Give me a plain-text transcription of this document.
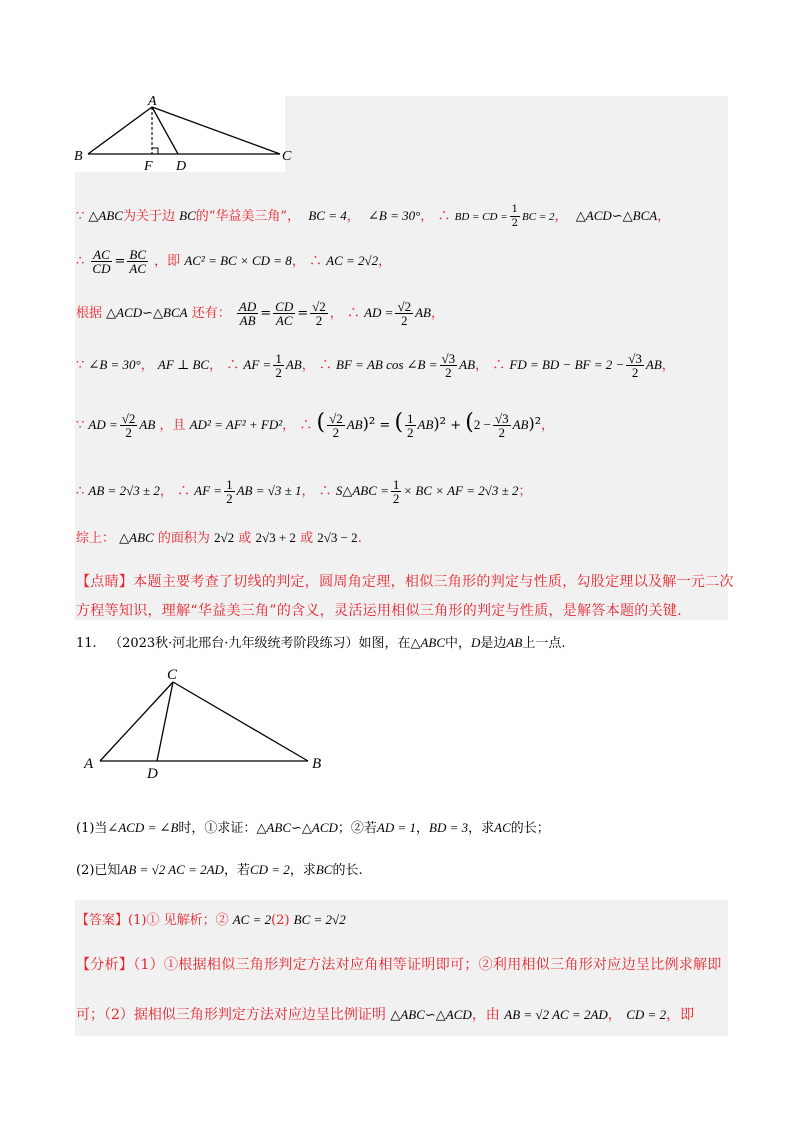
A
B	C
F D
∵ △ABC为关于边 BC的“华益美三角”， BC = 4，  ∠B = 30°， ∴ BD = CD = $\frac{1}{2}$ BC = 2，  △ACD∽△BCA，
∴ $\frac{AC}{CD} = \frac{BC}{AC}$ ，即 AC² = BC × CD = 8， ∴ AC = 2√2，
根据 △ACD∽△BCA 还有： $\frac{AD}{AB} = \frac{CD}{AC} = \frac{√2}{2}$ ， ∴ AD = $\frac{√2}{2}$ AB，
∵ ∠B = 30°， AF ⊥ BC， ∴ AF = $\frac{1}{2}$ AB， ∴ BF = AB cos ∠B = $\frac{√3}{2}$ AB， ∴ FD = BD − BF = $2 - \frac{√3}{2}$ AB，
∵ AD = $\frac{√2}{2}$ AB ，且 AD² = AF² + FD²， ∴ ( $\frac{√2}{2} AB)^2$ = ( $\frac{1}{2} AB)^2 + (2 - \frac{√3}{2} AB)^2$，
∴ AB = 2√3 ± 2， ∴ AF = $\frac{1}{2}$ AB = √3 ± 1， ∴ S△ABC = $\frac{1}{2}$ × BC × AF = 2√3 ± 2；
综上： △ABC 的面积为 2√2 或 2√3 + 2 或 2√3 − 2.
【点睛】本题主要考查了切线的判定，圆周角定理，相似三角形的判定与性质，勾股定理以及解一元二次
方程等知识，理解“华益美三角”的含义，灵活运用相似三角形的判定与性质，是解答本题的关键.
11. （2023秋·河北邢台·九年级统考阶段练习）如图，在△ABC中，D是边AB上一点.
C
A
D
B
(1)当∠ACD = ∠B时，①求证：△ABC∽△ACD；②若AD = 1，BD = 3，求AC的长；
(2)已知AB = √2 AC = 2AD，若CD = 2，求BC的长.
【答案】(1)① 见解析；② AC = 2(2) BC = 2√2
【分析】（1）①根据相似三角形判定方法对应角相等证明即可；②利用相似三角形对应边呈比例求解即
可；（2）据相似三角形判定方法对应边呈比例证明 △ABC∽△ACD，由 AB = √2 AC = 2AD， CD = 2，即
